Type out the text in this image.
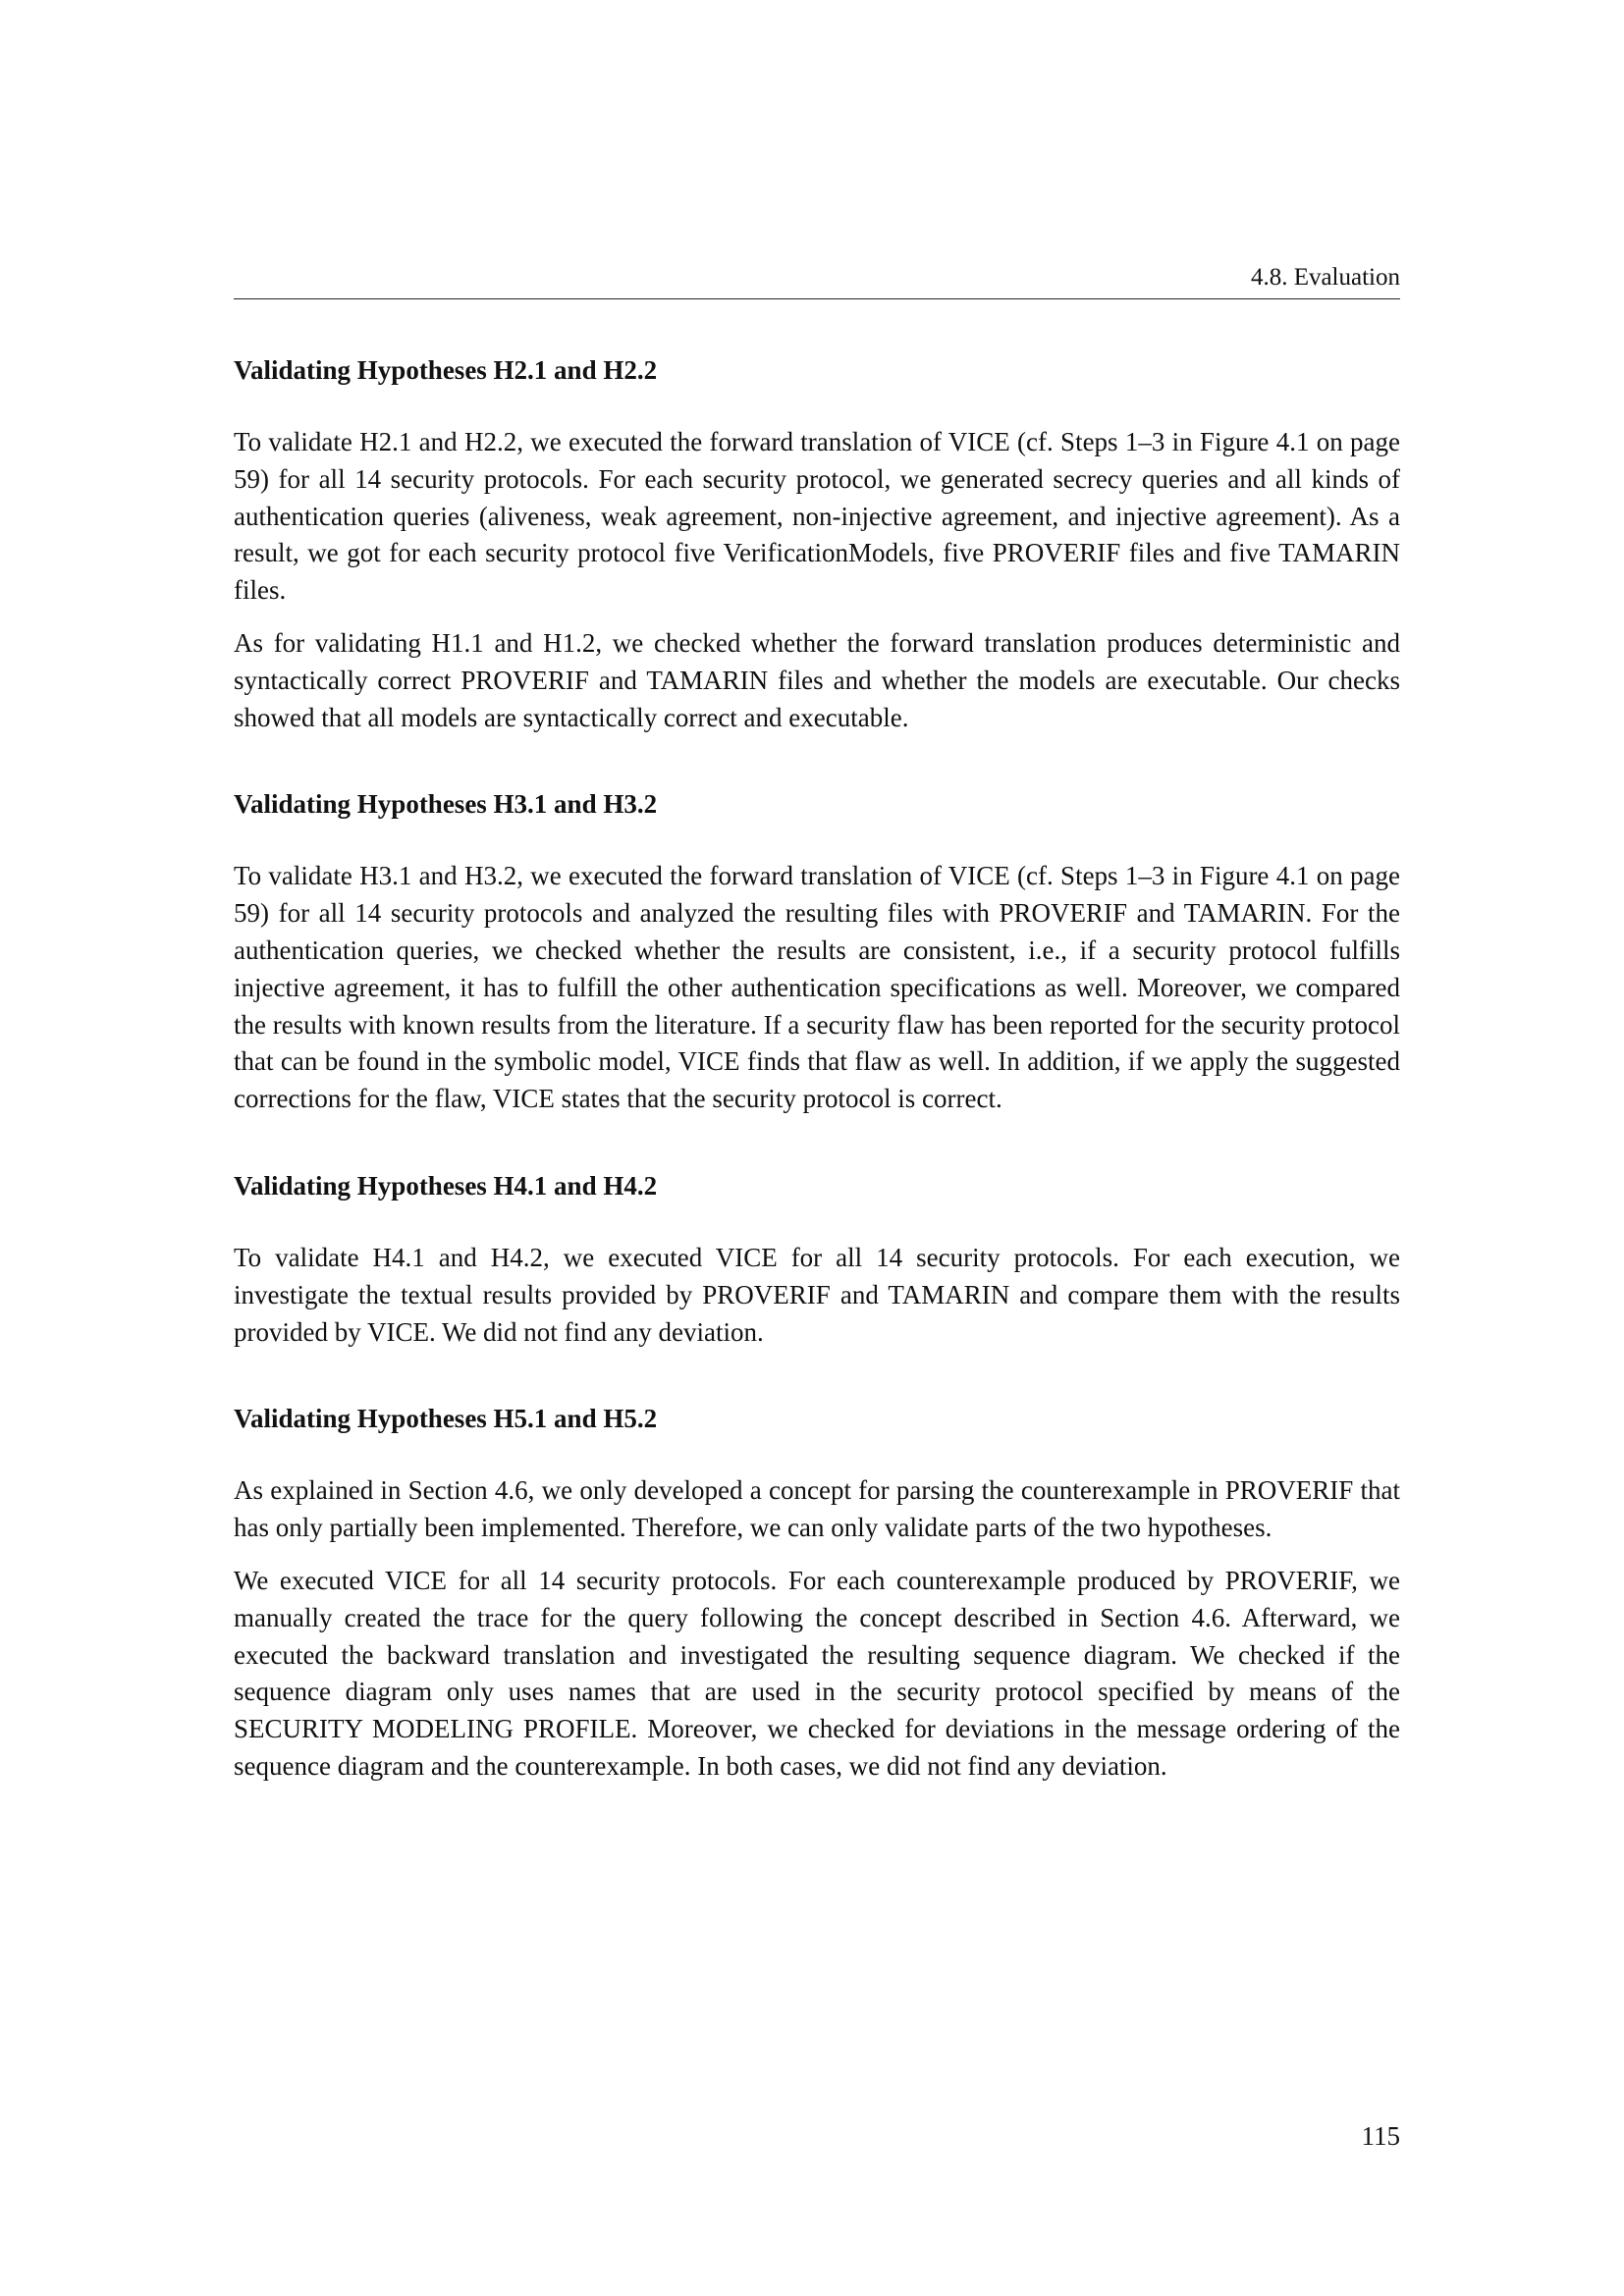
4.8. Evaluation
Validating Hypotheses H2.1 and H2.2

To validate H2.1 and H2.2, we executed the forward translation of VICE (cf. Steps 1–3 in Figure 4.1 on page 59) for all 14 security protocols. For each security protocol, we generated secrecy queries and all kinds of authentication queries (aliveness, weak agreement, non-injective agreement, and injective agreement). As a result, we got for each security protocol five VerificationModels, five PROVERIF files and five TAMARIN files.

As for validating H1.1 and H1.2, we checked whether the forward translation produces deterministic and syntactically correct PROVERIF and TAMARIN files and whether the models are executable. Our checks showed that all models are syntactically correct and executable.

Validating Hypotheses H3.1 and H3.2

To validate H3.1 and H3.2, we executed the forward translation of VICE (cf. Steps 1–3 in Figure 4.1 on page 59) for all 14 security protocols and analyzed the resulting files with PROVERIF and TAMARIN. For the authentication queries, we checked whether the results are consistent, i.e., if a security protocol fulfills injective agreement, it has to fulfill the other authentication specifications as well. Moreover, we compared the results with known results from the literature. If a security flaw has been reported for the security protocol that can be found in the symbolic model, VICE finds that flaw as well. In addition, if we apply the suggested corrections for the flaw, VICE states that the security protocol is correct.

Validating Hypotheses H4.1 and H4.2

To validate H4.1 and H4.2, we executed VICE for all 14 security protocols. For each execution, we investigate the textual results provided by PROVERIF and TAMARIN and compare them with the results provided by VICE. We did not find any deviation.

Validating Hypotheses H5.1 and H5.2

As explained in Section 4.6, we only developed a concept for parsing the counterexample in PROVERIF that has only partially been implemented. Therefore, we can only validate parts of the two hypotheses.

We executed VICE for all 14 security protocols. For each counterexample produced by PROVERIF, we manually created the trace for the query following the concept described in Section 4.6. Afterward, we executed the backward translation and investigated the resulting sequence diagram. We checked if the sequence diagram only uses names that are used in the security protocol specified by means of the SECURITY MODELING PROFILE. Moreover, we checked for deviations in the message ordering of the sequence diagram and the counterexample. In both cases, we did not find any deviation.

115
